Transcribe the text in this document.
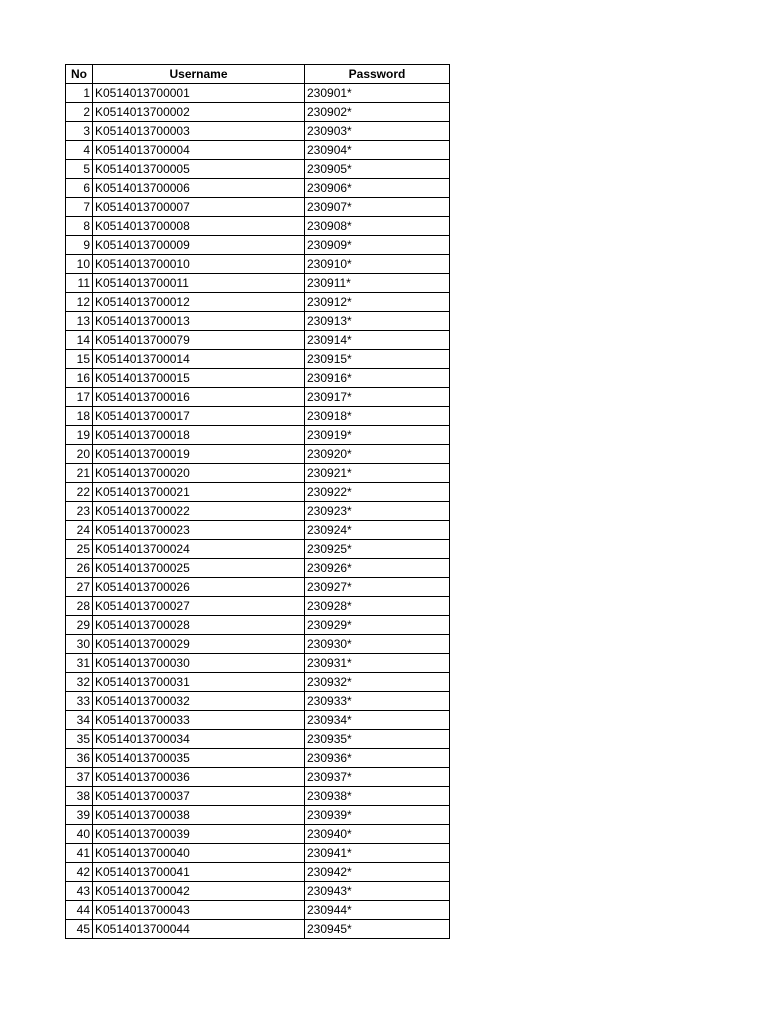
No	Username	Password
1	K0514013700001	230901*
2	K0514013700002	230902*
3	K0514013700003	230903*
4	K0514013700004	230904*
5	K0514013700005	230905*
6	K0514013700006	230906*
7	K0514013700007	230907*
8	K0514013700008	230908*
9	K0514013700009	230909*
10	K0514013700010	230910*
11	K0514013700011	230911*
12	K0514013700012	230912*
13	K0514013700013	230913*
14	K0514013700079	230914*
15	K0514013700014	230915*
16	K0514013700015	230916*
17	K0514013700016	230917*
18	K0514013700017	230918*
19	K0514013700018	230919*
20	K0514013700019	230920*
21	K0514013700020	230921*
22	K0514013700021	230922*
23	K0514013700022	230923*
24	K0514013700023	230924*
25	K0514013700024	230925*
26	K0514013700025	230926*
27	K0514013700026	230927*
28	K0514013700027	230928*
29	K0514013700028	230929*
30	K0514013700029	230930*
31	K0514013700030	230931*
32	K0514013700031	230932*
33	K0514013700032	230933*
34	K0514013700033	230934*
35	K0514013700034	230935*
36	K0514013700035	230936*
37	K0514013700036	230937*
38	K0514013700037	230938*
39	K0514013700038	230939*
40	K0514013700039	230940*
41	K0514013700040	230941*
42	K0514013700041	230942*
43	K0514013700042	230943*
44	K0514013700043	230944*
45	K0514013700044	230945*
